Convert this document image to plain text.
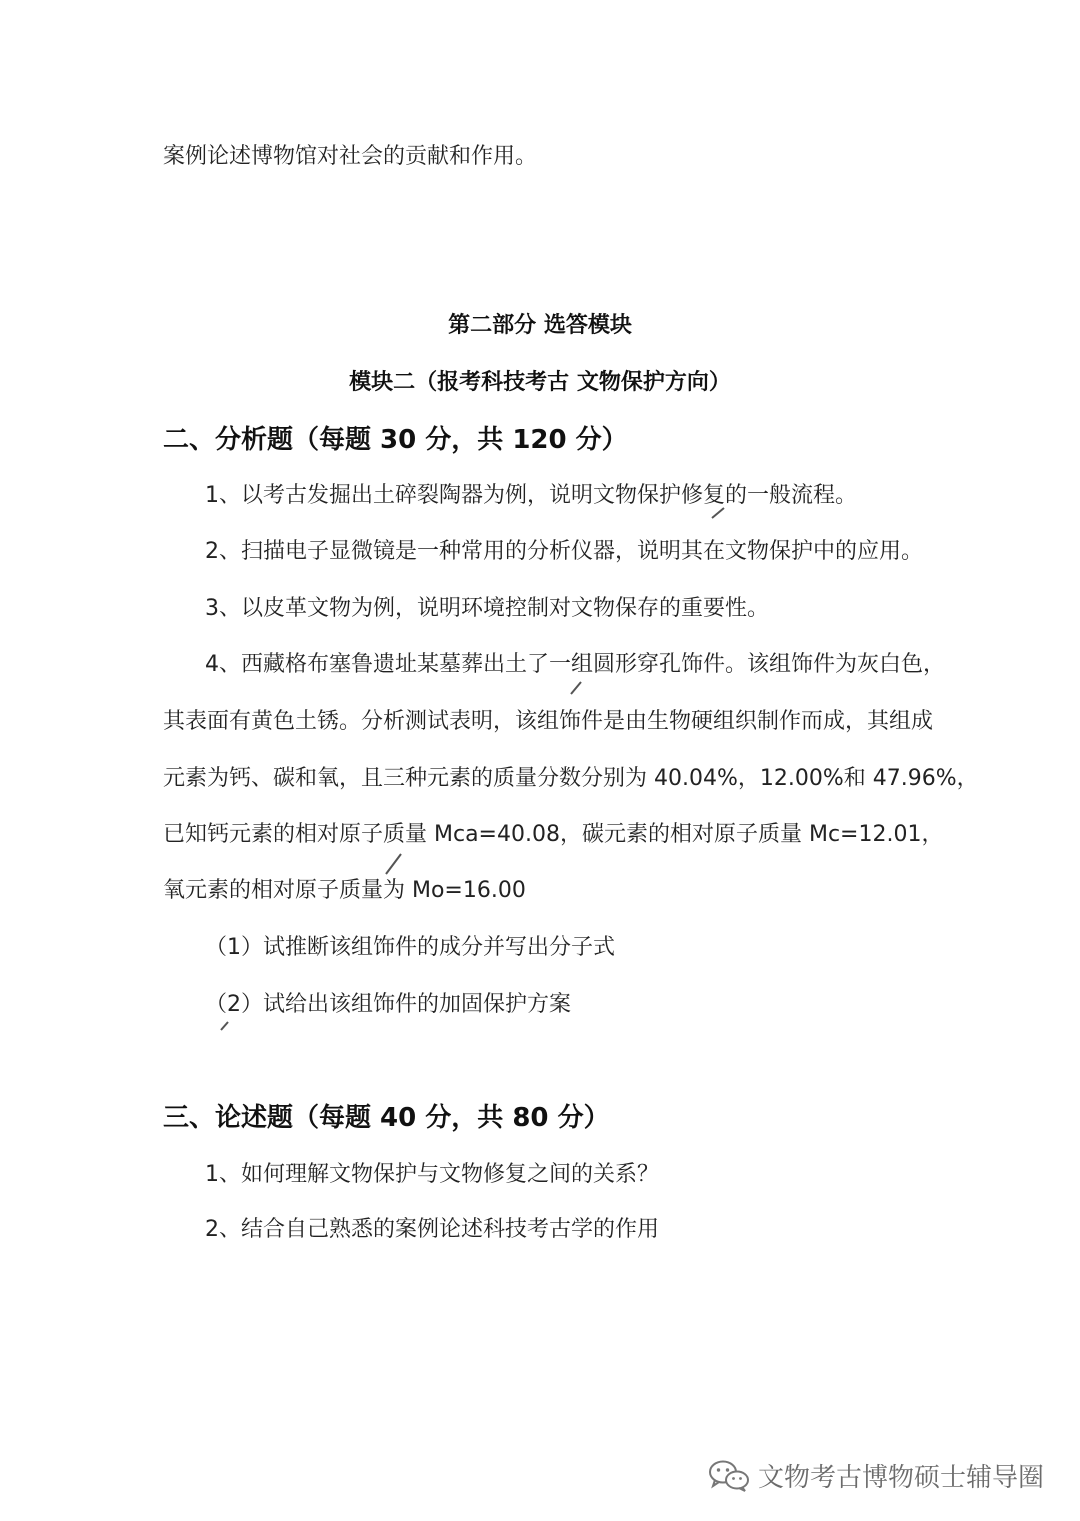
案例论述博物馆对社会的贡献和作用。
第二部分 选答模块
模块二（报考科技考古 文物保护方向）
二、分析题（每题 30 分，共 120 分）
1、以考古发掘出土碎裂陶器为例，说明文物保护修复的一般流程。
2、扫描电子显微镜是一种常用的分析仪器，说明其在文物保护中的应用。
3、以皮革文物为例，说明环境控制对文物保存的重要性。
4、西藏格布塞鲁遗址某墓葬出土了一组圆形穿孔饰件。该组饰件为灰白色，
其表面有黄色土锈。分析测试表明，该组饰件是由生物硬组织制作而成，其组成
元素为钙、碳和氧，且三种元素的质量分数分别为 40.04%，12.00%和 47.96%，
已知钙元素的相对原子质量 Mca=40.08，碳元素的相对原子质量 Mc=12.01，
氧元素的相对原子质量为 Mo=16.00
（1）试推断该组饰件的成分并写出分子式
（2）试给出该组饰件的加固保护方案
三、论述题（每题 40 分，共 80 分）
1、如何理解文物保护与文物修复之间的关系？
2、结合自己熟悉的案例论述科技考古学的作用
文物考古博物硕士辅导圈
